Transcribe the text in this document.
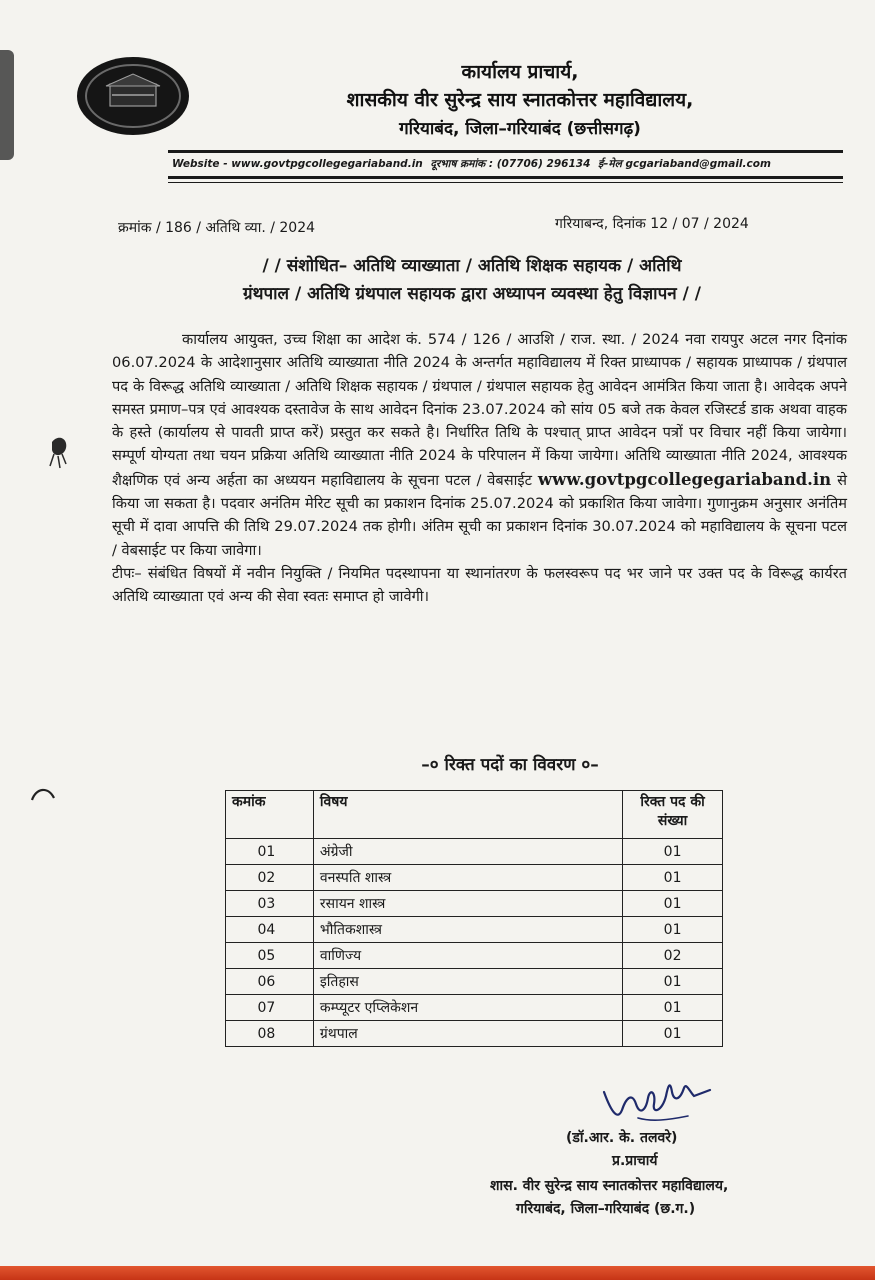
कार्यालय प्राचार्य,
शासकीय वीर सुरेन्द्र साय स्नातकोत्तर महाविद्यालय,
गरियाबंद, जिला–गरियाबंद (छत्तीसगढ़)
Website - www.govtpgcollegegariaband.in दूरभाष क्रमांक : (07706) 296134 ई–मेल gcgariaband@gmail.com
क्रमांक / 186 / अतिथि व्या. / 2024	गरियाबन्द, दिनांक 12 / 07 / 2024
/ / संशोधित– अतिथि व्याख्याता / अतिथि शिक्षक सहायक / अतिथि
ग्रंथपाल / अतिथि ग्रंथपाल सहायक द्वारा अध्यापन व्यवस्था हेतु विज्ञापन / /
कार्यालय आयुक्त, उच्च शिक्षा का आदेश कं. 574 / 126 / आउशि / राज. स्था. / 2024 नवा रायपुर अटल नगर दिनांक 06.07.2024 के आदेशानुसार अतिथि व्याख्याता नीति 2024 के अन्तर्गत महाविद्यालय में रिक्त प्राध्यापक / सहायक प्राध्यापक / ग्रंथपाल पद के विरूद्ध अतिथि व्याख्याता / अतिथि शिक्षक सहायक / ग्रंथपाल / ग्रंथपाल सहायक हेतु आवेदन आमंत्रित किया जाता है। आवेदक अपने समस्त प्रमाण–पत्र एवं आवश्यक दस्तावेज के साथ आवेदन दिनांक 23.07.2024 को सांय 05 बजे तक केवल रजिस्टर्ड डाक अथवा वाहक के हस्ते (कार्यालय से पावती प्राप्त करें) प्रस्तुत कर सकते है। निर्धारित तिथि के पश्चात् प्राप्त आवेदन पत्रों पर विचार नहीं किया जायेगा। सम्पूर्ण योग्यता तथा चयन प्रक्रिया अतिथि व्याख्याता नीति 2024 के परिपालन में किया जायेगा। अतिथि व्याख्याता नीति 2024, आवश्यक शैक्षणिक एवं अन्य अर्हता का अध्ययन महाविद्यालय के सूचना पटल / वेबसाईट www.govtpgcollegegariaband.in से किया जा सकता है। पदवार अनंतिम मेरिट सूची का प्रकाशन दिनांक 25.07.2024 को प्रकाशित किया जावेगा। गुणानुक्रम अनुसार अनंतिम सूची में दावा आपत्ति की तिथि 29.07.2024 तक होगी। अंतिम सूची का प्रकाशन दिनांक 30.07.2024 को महाविद्यालय के सूचना पटल / वेबसाईट पर किया जावेगा।
टीपः– संबंधित विषयों में नवीन नियुक्ति / नियमित पदस्थापना या स्थानांतरण के फलस्वरूप पद भर जाने पर उक्त पद के विरूद्ध कार्यरत अतिथि व्याख्याता एवं अन्य की सेवा स्वतः समाप्त हो जावेगी।
–० रिक्त पदों का विवरण ०–
कमांक	विषय	रिक्त पद की संख्या
01	अंग्रेजी	01
02	वनस्पति शास्त्र	01
03	रसायन शास्त्र	01
04	भौतिकशास्त्र	01
05	वाणिज्य	02
06	इतिहास	01
07	कम्प्यूटर एप्लिकेशन	01
08	ग्रंथपाल	01
(डॉ.आर. के. तलवरे)
प्र.प्राचार्य
शास. वीर सुरेन्द्र साय स्नातकोत्तर महाविद्यालय,
गरियाबंद, जिला–गरियाबंद (छ.ग.)
